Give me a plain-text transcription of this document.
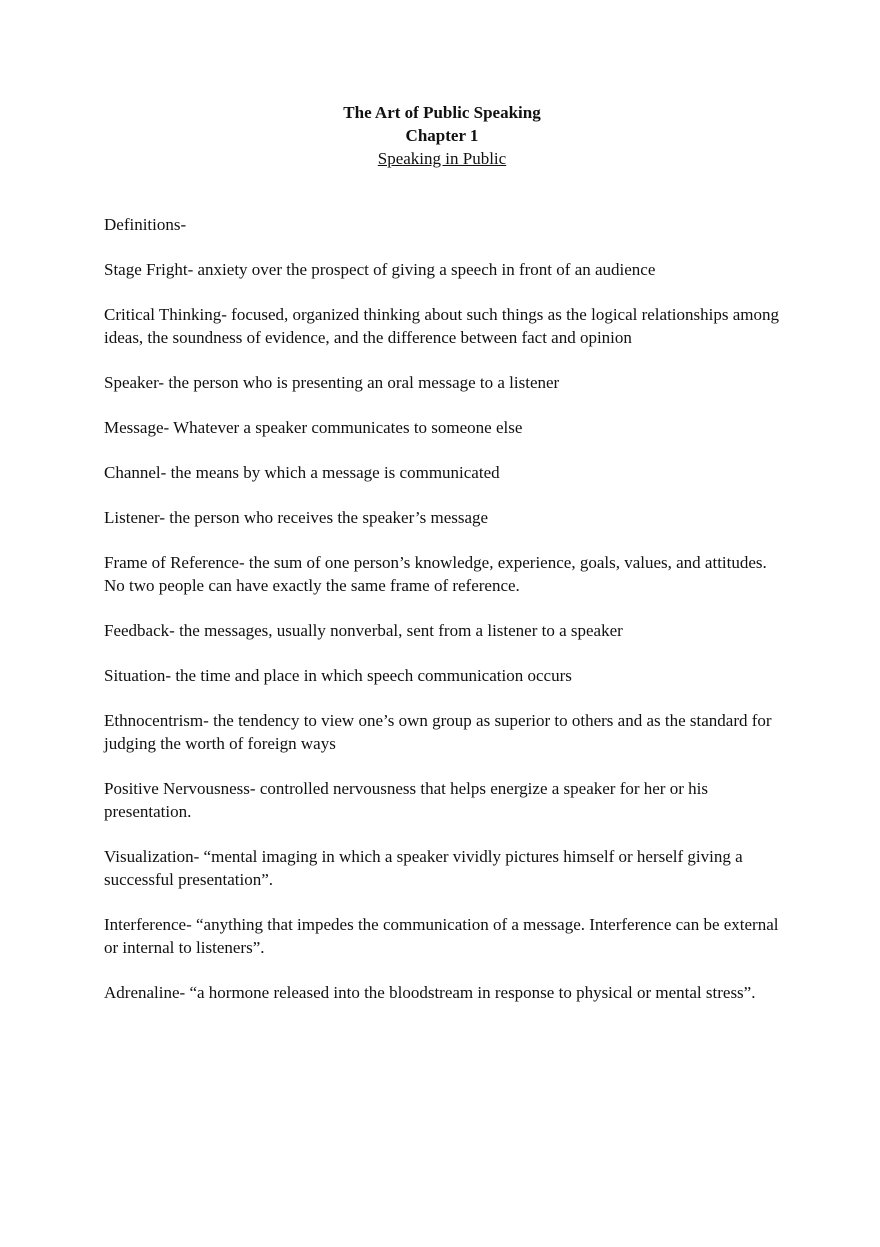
The Art of Public Speaking

Chapter 1

Speaking in Public

Definitions-

Stage Fright- anxiety over the prospect of giving a speech in front of an audience

Critical Thinking- focused, organized thinking about such things as the logical relationships among ideas, the soundness of evidence, and the difference between fact and opinion

Speaker- the person who is presenting an oral message to a listener

Message- Whatever a speaker communicates to someone else

Channel- the means by which a message is communicated

Listener- the person who receives the speaker’s message

Frame of Reference- the sum of one person’s knowledge, experience, goals, values, and attitudes. No two people can have exactly the same frame of reference.

Feedback- the messages, usually nonverbal, sent from a listener to a speaker

Situation- the time and place in which speech communication occurs

Ethnocentrism- the tendency to view one’s own group as superior to others and as the standard for judging the worth of foreign ways

Positive Nervousness- controlled nervousness that helps energize a speaker for her or his presentation.

Visualization- “mental imaging in which a speaker vividly pictures himself or herself giving a successful presentation”.

Interference- “anything that impedes the communication of a message. Interference can be external or internal to listeners”.

Adrenaline- “a hormone released into the bloodstream in response to physical or mental stress”.
